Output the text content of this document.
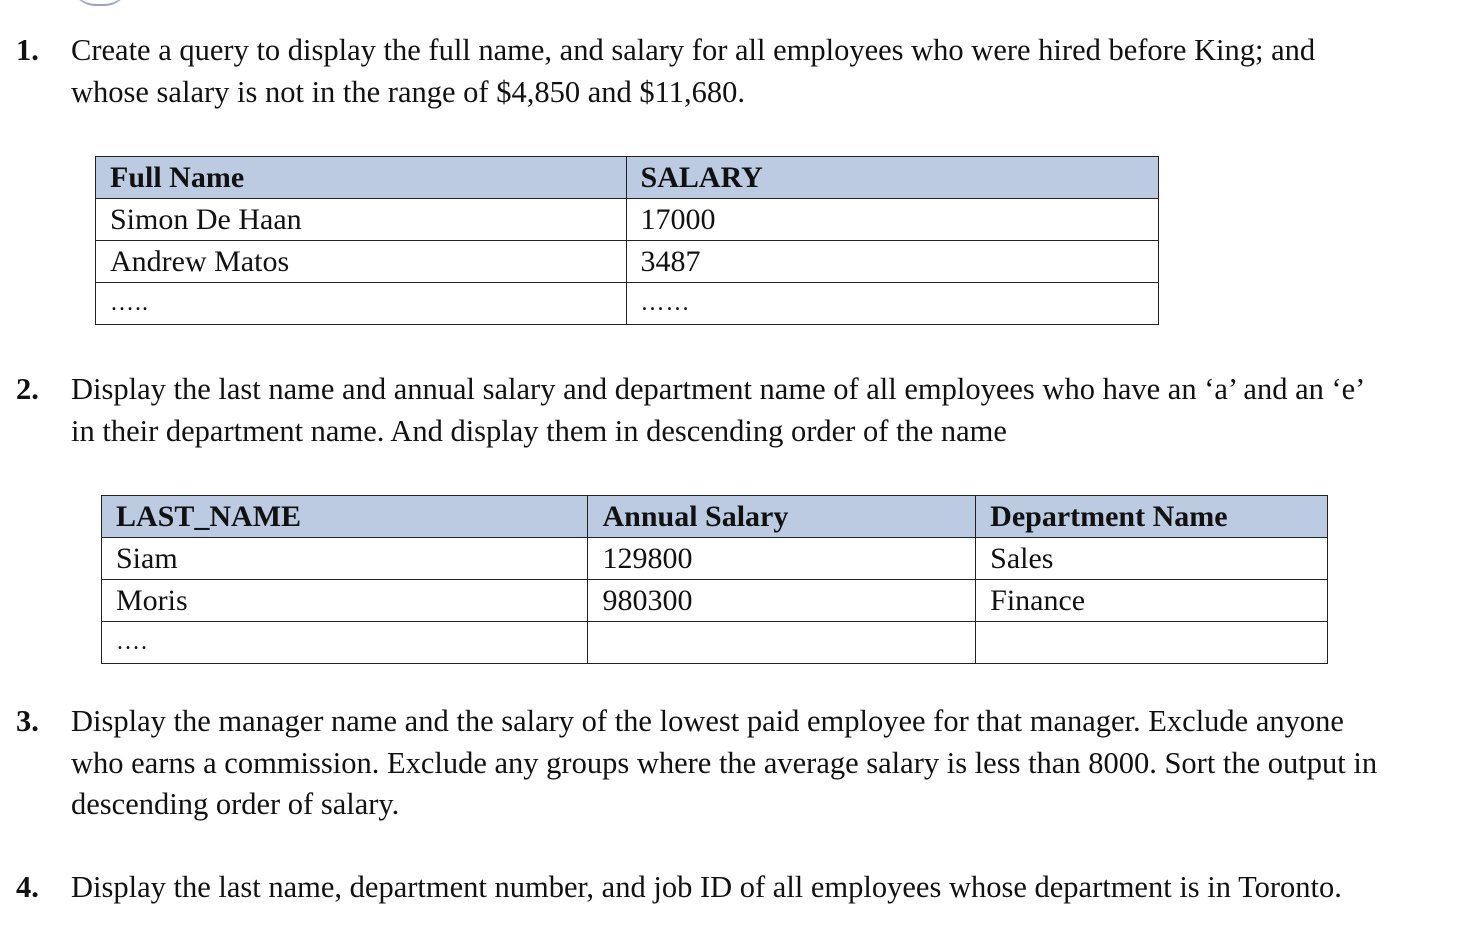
1. Create a query to display the full name, and salary for all employees who were hired before King; and

whose salary is not in the range of $4,850 and $11,680.

Full Name	SALARY
Simon De Haan	17000
Andrew Matos	3487
…..	……
2. Display the last name and annual salary and department name of all employees who have an ‘a’ and an ‘e’

in their department name. And display them in descending order of the name

LAST_NAME	Annual Salary	Department Name
Siam	129800	Sales
Moris	980300	Finance
….		
3. Display the manager name and the salary of the lowest paid employee for that manager. Exclude anyone

who earns a commission. Exclude any groups where the average salary is less than 8000. Sort the output in

descending order of salary.

4. Display the last name, department number, and job ID of all employees whose department is in Toronto.
